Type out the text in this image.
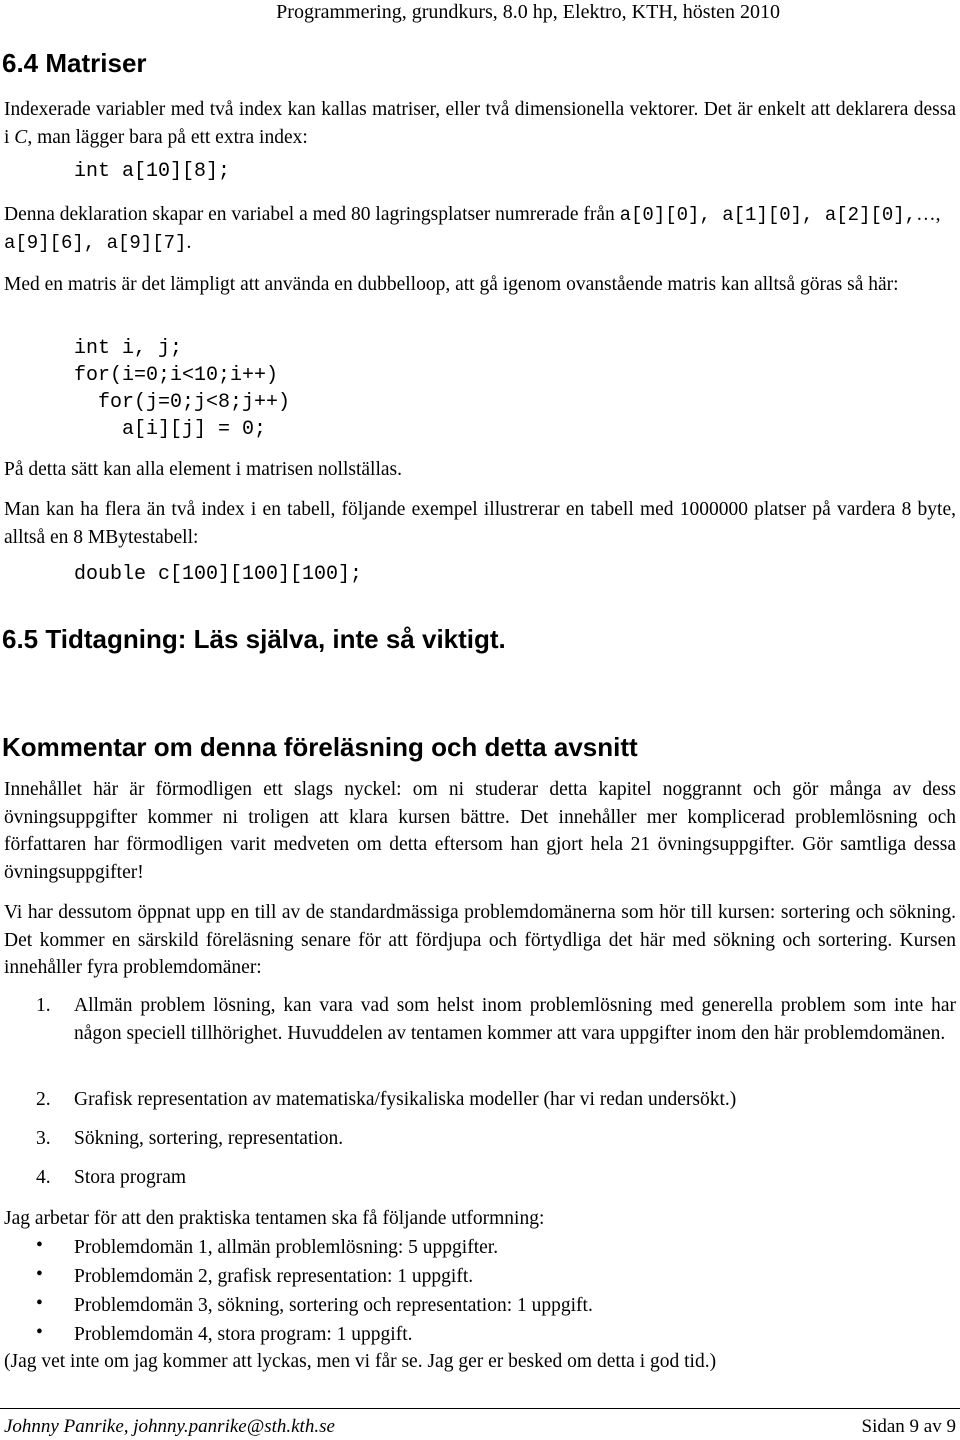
Programmering, grundkurs, 8.0 hp, Elektro, KTH, hösten 2010
6.4 Matriser

Indexerade variabler med två index kan kallas matriser, eller två dimensionella vektorer. Det är enkelt att deklarera dessa i C, man lägger bara på ett extra index:

int a[10][8];

Denna deklaration skapar en variabel a med 80 lagringsplatser numrerade från a[0][0], a[1][0], a[2][0],…, a[9][6], a[9][7].

Med en matris är det lämpligt att använda en dubbelloop, att gå igenom ovanstående matris kan alltså göras så här:

int i, j;
for(i=0;i<10;i++)
for(j=0;j<8;j++)
a[i][j] = 0;

På detta sätt kan alla element i matrisen nollställas.

Man kan ha flera än två index i en tabell, följande exempel illustrerar en tabell med 1000000 platser på vardera 8 byte, alltså en 8 MBytestabell:

double c[100][100][100];
6.5 Tidtagning: Läs själva, inte så viktigt.
Kommentar om denna föreläsning och detta avsnitt

Innehållet här är förmodligen ett slags nyckel: om ni studerar detta kapitel noggrannt och gör många av dess övningsuppgifter kommer ni troligen att klara kursen bättre. Det innehåller mer komplicerad problemlösning och författaren har förmodligen varit medveten om detta eftersom han gjort hela 21 övningsuppgifter. Gör samtliga dessa övningsuppgifter!

Vi har dessutom öppnat upp en till av de standardmässiga problemdomänerna som hör till kursen: sortering och sökning. Det kommer en särskild föreläsning senare för att fördjupa och förtydliga det här med sökning och sortering. Kursen innehåller fyra problemdomäner:

1. Allmän problem lösning, kan vara vad som helst inom problemlösning med generella problem som inte har någon speciell tillhörighet. Huvuddelen av tentamen kommer att vara uppgifter inom den här problemdomänen.
2. Grafisk representation av matematiska/fysikaliska modeller (har vi redan undersökt.)
3. Sökning, sortering, representation.
4. Stora program

Jag arbetar för att den praktiska tentamen ska få följande utformning:

• Problemdomän 1, allmän problemlösning: 5 uppgifter.
• Problemdomän 2, grafisk representation: 1 uppgift.
• Problemdomän 3, sökning, sortering och representation: 1 uppgift.
• Problemdomän 4, stora program: 1 uppgift.

(Jag vet inte om jag kommer att lyckas, men vi får se. Jag ger er besked om detta i god tid.)

Johnny Panrike, johnny.panrike@sth.kth.se	Sidan 9 av 9
